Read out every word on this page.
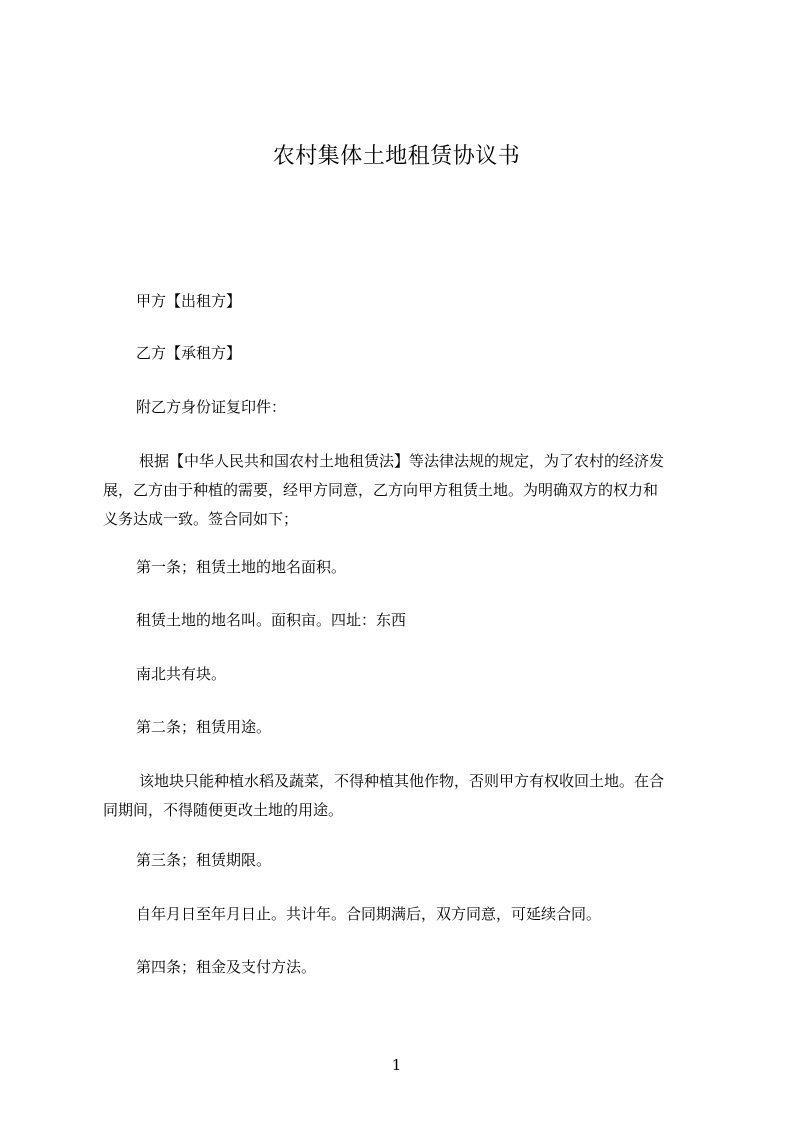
农村集体土地租赁协议书
甲方【出租方】
乙方【承租方】
附乙方身份证复印件：
根据【中华人民共和国农村土地租赁法】等法律法规的规定，为了农村的经济发
展，乙方由于种植的需要，经甲方同意，乙方向甲方租赁土地。为明确双方的权力和
义务达成一致。签合同如下；
第一条；租赁土地的地名面积。
租赁土地的地名叫。面积亩。四址：东西
南北共有块。
第二条；租赁用途。
该地块只能种植水稻及蔬菜，不得种植其他作物，否则甲方有权收回土地。在合
同期间，不得随便更改土地的用途。
第三条；租赁期限。
自年月日至年月日止。共计年。合同期满后，双方同意，可延续合同。
第四条；租金及支付方法。
1
